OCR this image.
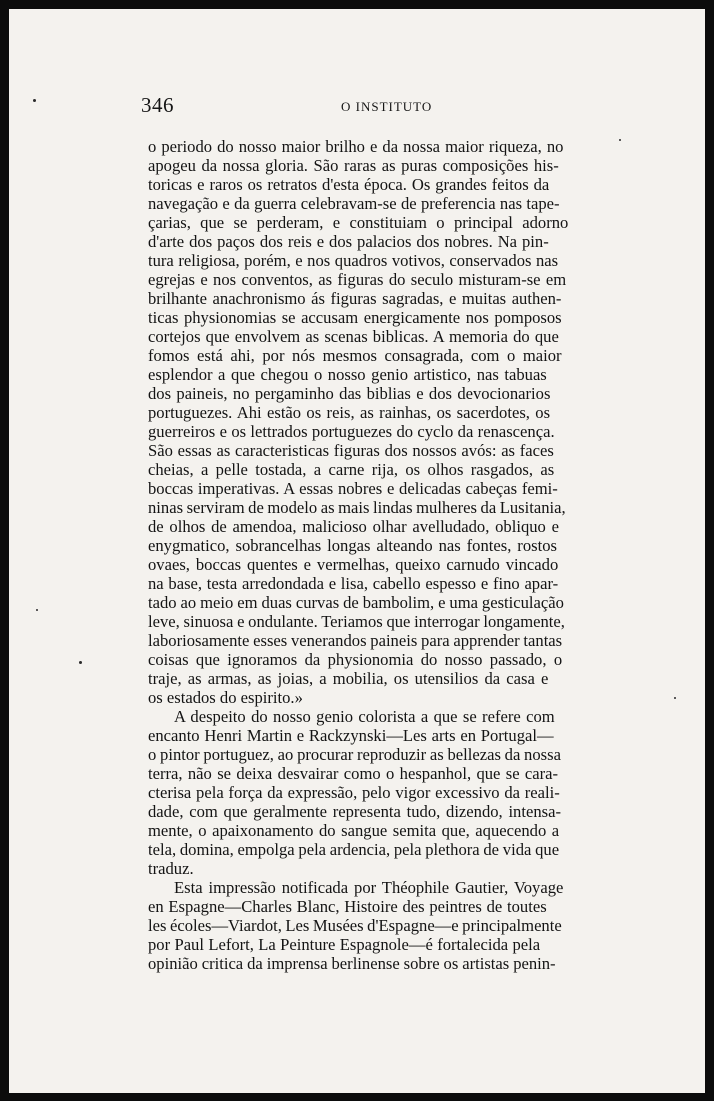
346	O INSTITUTO
o periodo do nosso maior brilho e da nossa maior riqueza, no
apogeu da nossa gloria. São raras as puras composições his-
toricas e raros os retratos d'esta época. Os grandes feitos da
navegação e da guerra celebravam-se de preferencia nas tape-
çarias, que se perderam, e constituiam o principal adorno
d'arte dos paços dos reis e dos palacios dos nobres. Na pin-
tura religiosa, porém, e nos quadros votivos, conservados nas
egrejas e nos conventos, as figuras do seculo misturam-se em
brilhante anachronismo ás figuras sagradas, e muitas authen-
ticas physionomias se accusam energicamente nos pomposos
cortejos que envolvem as scenas biblicas. A memoria do que
fomos está ahi, por nós mesmos consagrada, com o maior
esplendor a que chegou o nosso genio artistico, nas tabuas
dos paineis, no pergaminho das biblias e dos devocionarios
portuguezes. Ahi estão os reis, as rainhas, os sacerdotes, os
guerreiros e os lettrados portuguezes do cyclo da renascença.
São essas as caracteristicas figuras dos nossos avós: as faces
cheias, a pelle tostada, a carne rija, os olhos rasgados, as
boccas imperativas. A essas nobres e delicadas cabeças femi-
ninas serviram de modelo as mais lindas mulheres da Lusitania,
de olhos de amendoa, malicioso olhar avelludado, obliquo e
enygmatico, sobrancelhas longas alteando nas fontes, rostos
ovaes, boccas quentes e vermelhas, queixo carnudo vincado
na base, testa arredondada e lisa, cabello espesso e fino apar-
tado ao meio em duas curvas de bambolim, e uma gesticulação
leve, sinuosa e ondulante. Teriamos que interrogar longamente,
laboriosamente esses venerandos paineis para apprender tantas
coisas que ignoramos da physionomia do nosso passado, o
traje, as armas, as joias, a mobilia, os utensilios da casa e
os estados do espirito.»
A despeito do nosso genio colorista a que se refere com
encanto Henri Martin e Rackzynski—Les arts en Portugal—
o pintor portuguez, ao procurar reproduzir as bellezas da nossa
terra, não se deixa desvairar como o hespanhol, que se cara-
cterisa pela força da expressão, pelo vigor excessivo da reali-
dade, com que geralmente representa tudo, dizendo, intensa-
mente, o apaixonamento do sangue semita que, aquecendo a
tela, domina, empolga pela ardencia, pela plethora de vida que
traduz.
Esta impressão notificada por Théophile Gautier, Voyage
en Espagne—Charles Blanc, Histoire des peintres de toutes
les écoles—Viardot, Les Musées d'Espagne—e principalmente
por Paul Lefort, La Peinture Espagnole—é fortalecida pela
opinião critica da imprensa berlinense sobre os artistas penin-
